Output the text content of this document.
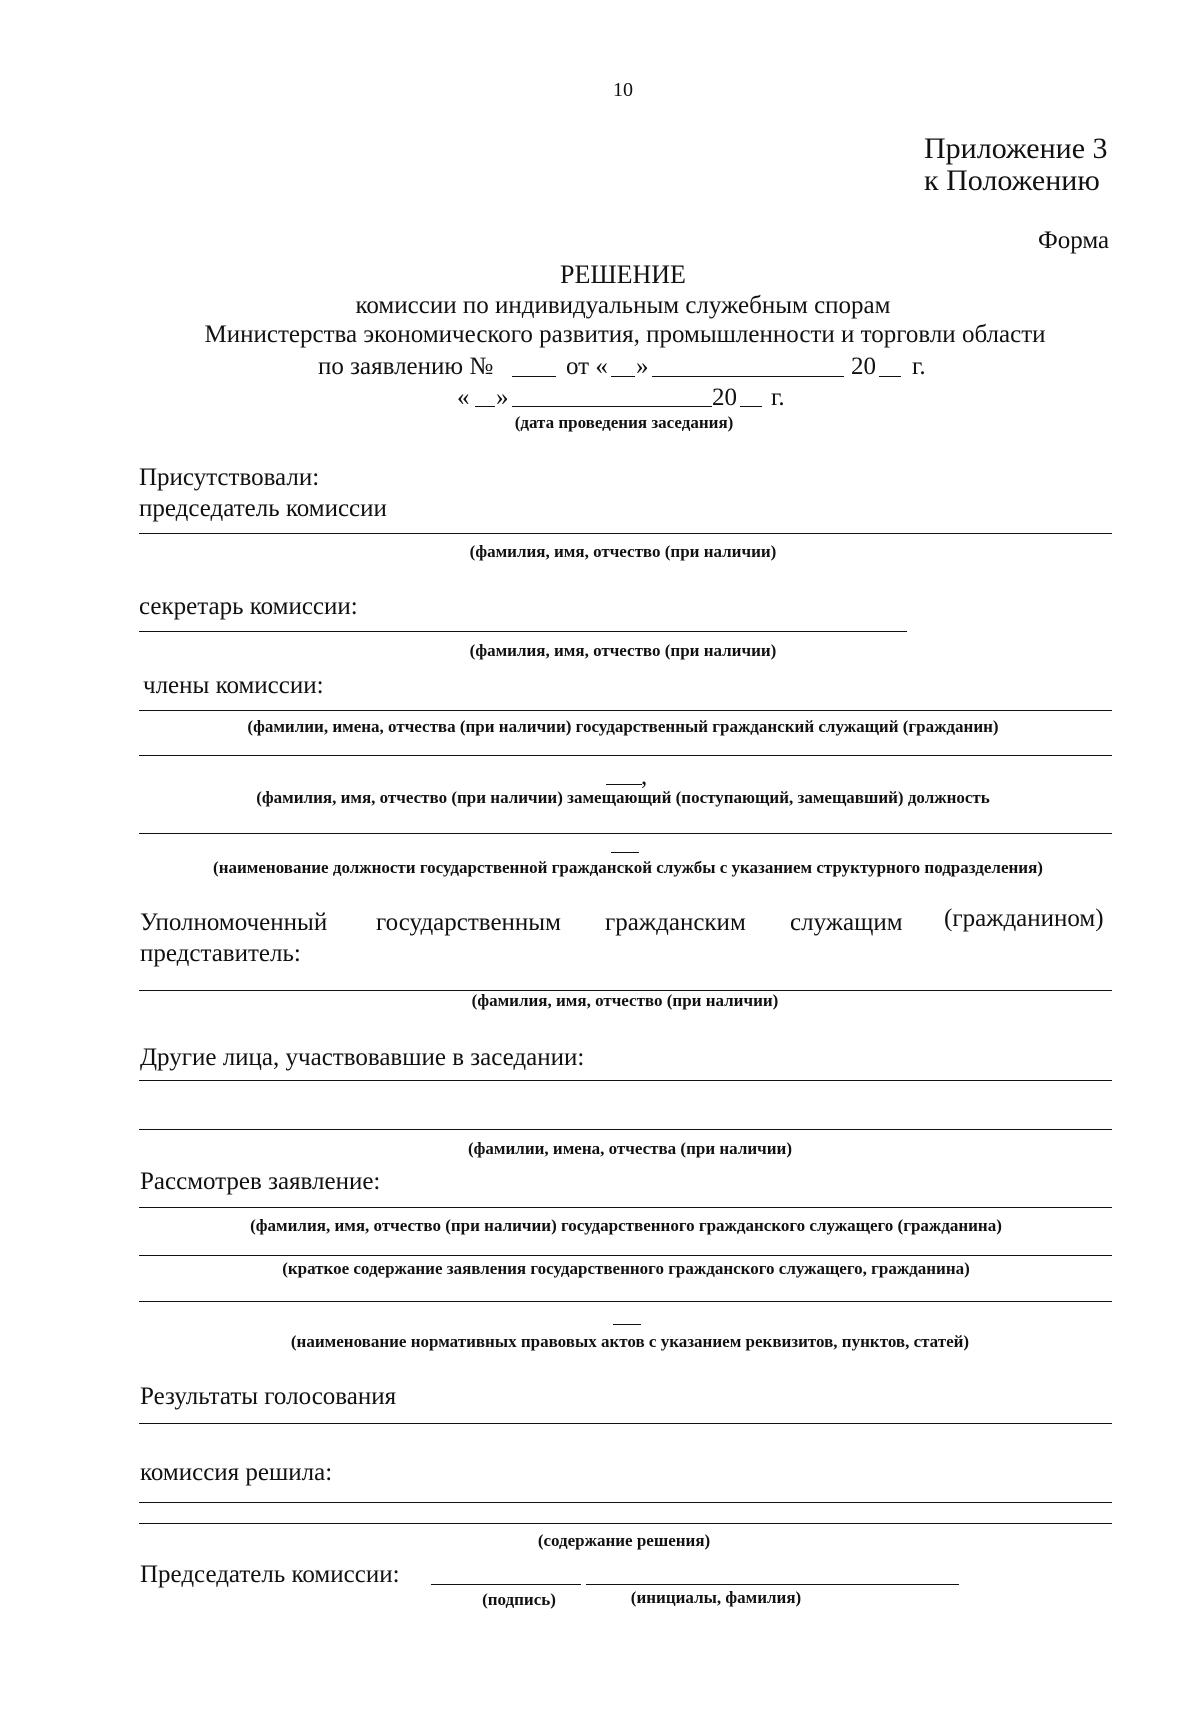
10
Приложение 3
к Положению
Форма
РЕШЕНИЕ
комиссии по индивидуальным служебным спорам
Министерства экономического развития, промышленности и торговли области
по заявлению №	от « »	20 г.
« »	20 г.
(дата проведения заседания)
Присутствовали:
председатель комиссии
(фамилия, имя, отчество (при наличии)
секретарь комиссии:
(фамилия, имя, отчество (при наличии)
члены комиссии:
(фамилии, имена, отчества (при наличии) государственный гражданский служащий (гражданин)
,
(фамилия, имя, отчество (при наличии) замещающий (поступающий, замещавший) должность
(наименование должности государственной гражданской службы с указанием структурного подразделения)
Уполномоченный государственным гражданским служащим (гражданином)
представитель:
(фамилия, имя, отчество (при наличии)
Другие лица, участвовавшие в заседании:
(фамилии, имена, отчества (при наличии)
Рассмотрев заявление:
(фамилия, имя, отчество (при наличии) государственного гражданского служащего (гражданина)
(краткое содержание заявления государственного гражданского служащего, гражданина)
(наименование нормативных правовых актов с указанием реквизитов, пунктов, статей)
Результаты голосования
комиссия решила:
(содержание решения)
Председатель комиссии:
(подпись)	(инициалы, фамилия)
